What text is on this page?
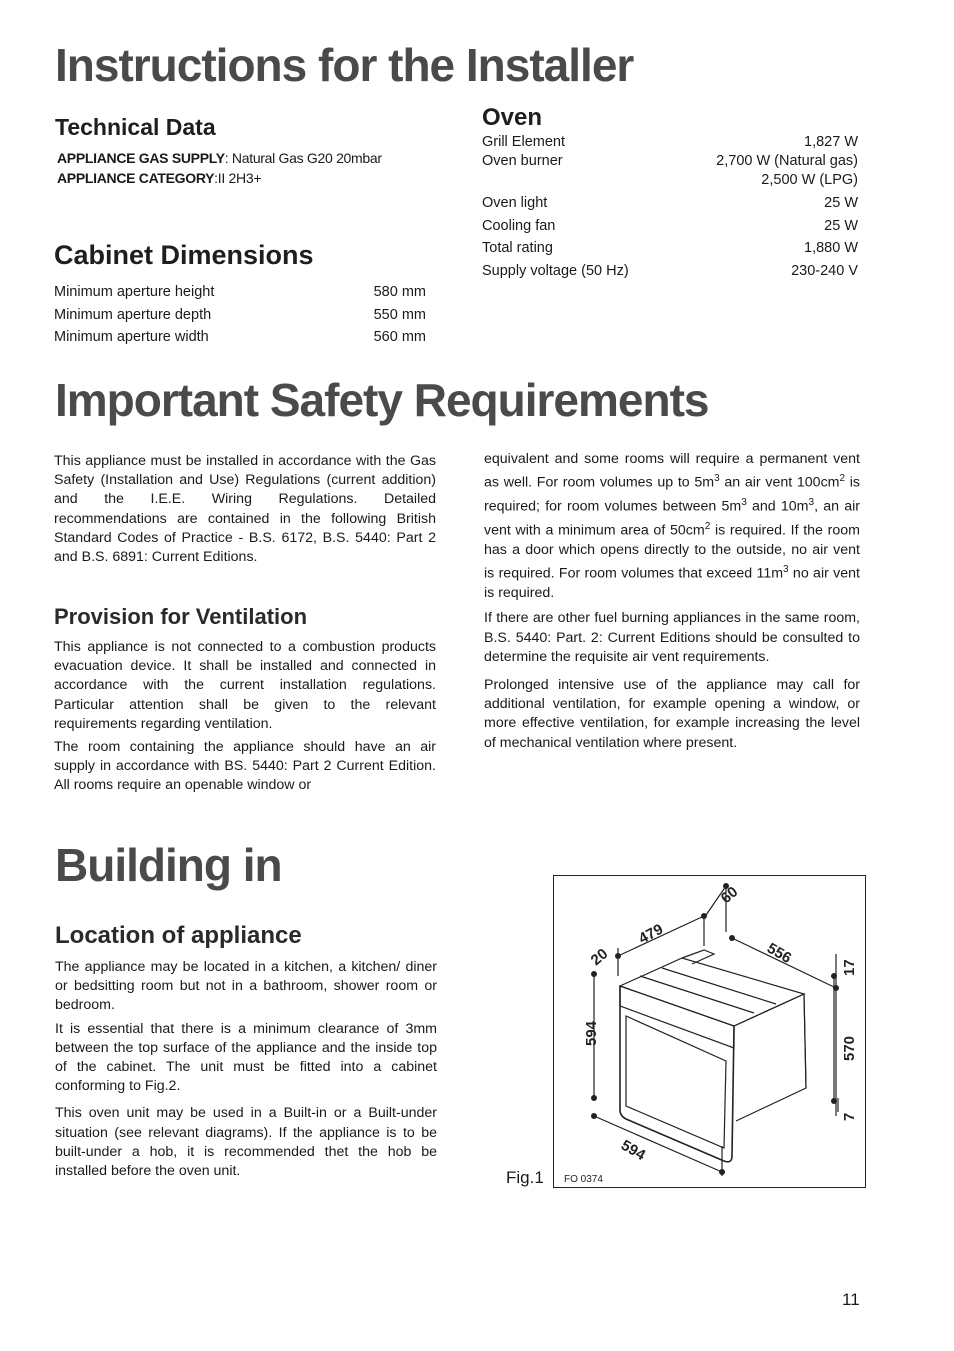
Instructions for the Installer
Technical Data
APPLIANCE GAS SUPPLY: Natural Gas G20 20mbar
APPLIANCE CATEGORY:II 2H3+
Oven
Grill Element	1,827 W
Oven burner	2,700 W (Natural gas)
2,500 W (LPG)
Oven light	25 W
Cooling fan	25 W
Total rating	1,880 W
Supply voltage (50 Hz)	230-240 V
Cabinet Dimensions
Minimum aperture height	580 mm
Minimum aperture depth	550 mm
Minimum aperture width	560 mm
Important Safety Requirements

This appliance must be installed in accordance with the Gas Safety (Installation and Use) Regulations (current addition) and the I.E.E. Wiring Regulations. Detailed recommendations are contained in the following British Standard Codes of Practice - B.S. 6172, B.S. 5440: Part 2 and B.S. 6891: Current Editions.

Provision for Ventilation

This appliance is not connected to a combustion products evacuation device. It shall be installed and connected in accordance with the current installation regulations. Particular attention shall be given to the relevant requirements regarding ventilation.

The room containing the appliance should have an air supply in accordance with BS. 5440: Part 2 Current Edition. All rooms require an openable window or

equivalent and some rooms will require a permanent vent as well. For room volumes up to $5m^3$ an air vent $100cm^2$ is required; for room volumes between $5m^3$ and $10m^3$, an air vent with a minimum area of $50cm^2$ is required. If the room has a door which opens directly to the outside, no air vent is required. For room volumes that exceed $11m^3$ no air vent is required.

If there are other fuel burning appliances in the same room, B.S. 5440: Part. 2: Current Editions should be consulted to determine the requisite air vent requirements.

Prolonged intensive use of the appliance may call for additional ventilation, for example opening a window, or more effective ventilation, for example increasing the level of mechanical ventilation where present.

Building in
Location of appliance

The appliance may be located in a kitchen, a kitchen/ diner or bedsitting room but not in a bathroom, shower room or bedroom.

It is essential that there is a minimum clearance of 3mm between the top surface of the appliance and the inside top of the cabinet. The unit must be fitted into a cabinet conforming to Fig.2.

This oven unit may be used in a Built-in or a Built-under situation (see relevant diagrams). If the appliance is to be built-under a hob, it is recommended thet the hob be installed before the oven unit.	Fig.1
60
479
20	556
17
594
570
7
594
FO 0374
11
